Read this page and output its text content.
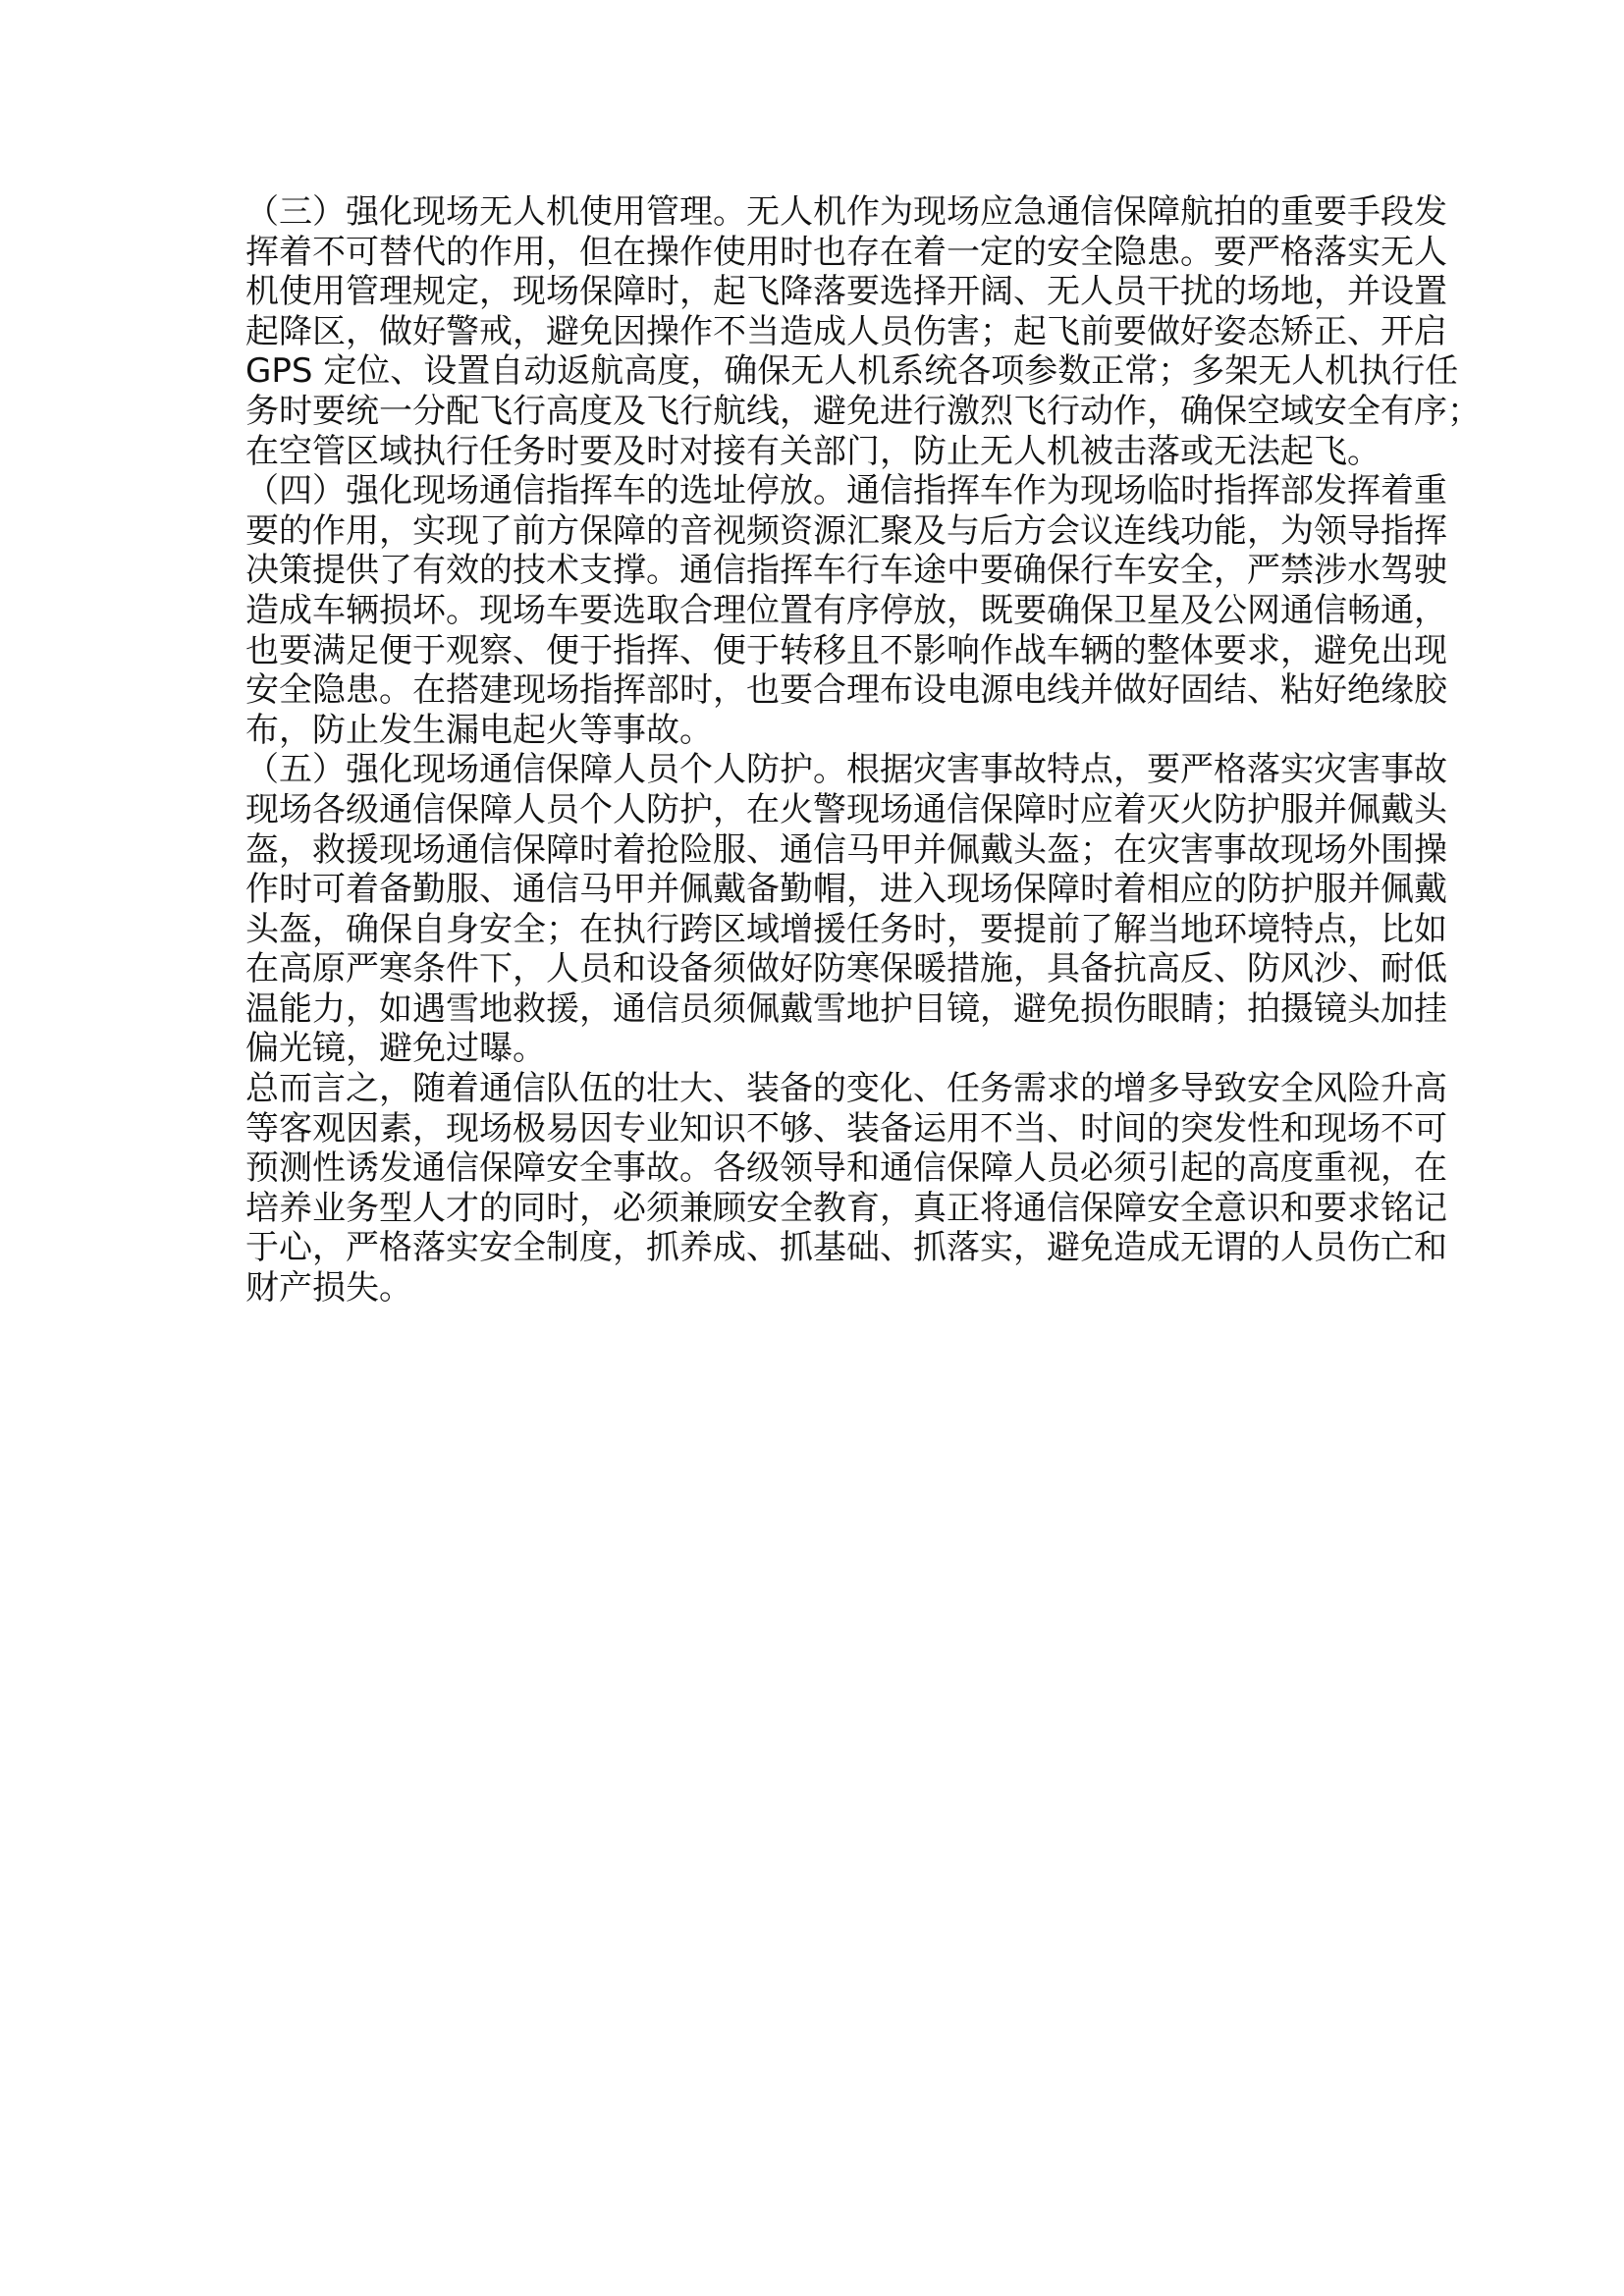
（三）强化现场无人机使用管理。无人机作为现场应急通信保障航拍的重要手段发
挥着不可替代的作用，但在操作使用时也存在着一定的安全隐患。要严格落实无人
机使用管理规定，现场保障时，起飞降落要选择开阔、无人员干扰的场地，并设置
起降区，做好警戒，避免因操作不当造成人员伤害；起飞前要做好姿态矫正、开启
GPS 定位、设置自动返航高度，确保无人机系统各项参数正常；多架无人机执行任
务时要统一分配飞行高度及飞行航线，避免进行激烈飞行动作，确保空域安全有序；
在空管区域执行任务时要及时对接有关部门，防止无人机被击落或无法起飞。
（四）强化现场通信指挥车的选址停放。通信指挥车作为现场临时指挥部发挥着重
要的作用，实现了前方保障的音视频资源汇聚及与后方会议连线功能，为领导指挥
决策提供了有效的技术支撑。通信指挥车行车途中要确保行车安全，严禁涉水驾驶
造成车辆损坏。现场车要选取合理位置有序停放，既要确保卫星及公网通信畅通，
也要满足便于观察、便于指挥、便于转移且不影响作战车辆的整体要求，避免出现
安全隐患。在搭建现场指挥部时，也要合理布设电源电线并做好固结、粘好绝缘胶
布，防止发生漏电起火等事故。
（五）强化现场通信保障人员个人防护。根据灾害事故特点，要严格落实灾害事故
现场各级通信保障人员个人防护，在火警现场通信保障时应着灭火防护服并佩戴头
盔，救援现场通信保障时着抢险服、通信马甲并佩戴头盔；在灾害事故现场外围操
作时可着备勤服、通信马甲并佩戴备勤帽，进入现场保障时着相应的防护服并佩戴
头盔，确保自身安全；在执行跨区域增援任务时，要提前了解当地环境特点，比如
在高原严寒条件下，人员和设备须做好防寒保暖措施，具备抗高反、防风沙、耐低
温能力，如遇雪地救援，通信员须佩戴雪地护目镜，避免损伤眼睛；拍摄镜头加挂
偏光镜，避免过曝。
总而言之，随着通信队伍的壮大、装备的变化、任务需求的增多导致安全风险升高
等客观因素，现场极易因专业知识不够、装备运用不当、时间的突发性和现场不可
预测性诱发通信保障安全事故。各级领导和通信保障人员必须引起的高度重视，在
培养业务型人才的同时，必须兼顾安全教育，真正将通信保障安全意识和要求铭记
于心，严格落实安全制度，抓养成、抓基础、抓落实，避免造成无谓的人员伤亡和
财产损失。
